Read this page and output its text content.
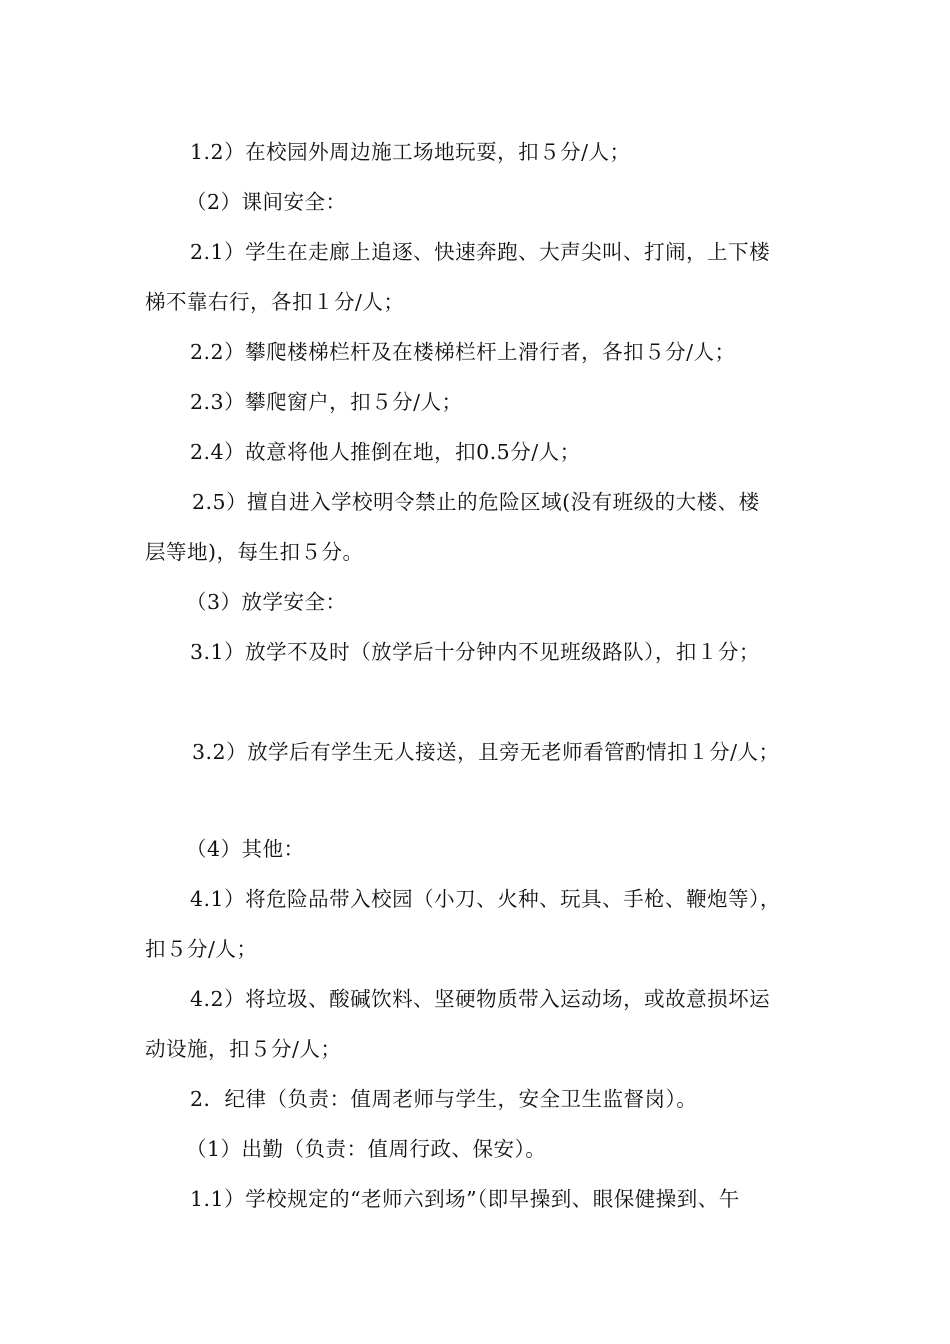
1.2）在校园外周边施工场地玩耍，扣５分/人；
（2）课间安全：
2.1）学生在走廊上追逐、快速奔跑、大声尖叫、打闹，上下楼
梯不靠右行，各扣１分/人；
2.2）攀爬楼梯栏杆及在楼梯栏杆上滑行者，各扣５分/人；
2.3）攀爬窗户，扣５分/人；
2.4）故意将他人推倒在地，扣0.5分/人；
2.5）擅自进入学校明令禁止的危险区域(没有班级的大楼、楼
层等地)，每生扣５分。
（3）放学安全：
3.1）放学不及时（放学后十分钟内不见班级路队），扣１分；
3.2）放学后有学生无人接送，且旁无老师看管酌情扣１分/人；
（4）其他：
4.1）将危险品带入校园（小刀、火种、玩具、手枪、鞭炮等），
扣５分/人；
4.2）将垃圾、酸碱饮料、坚硬物质带入运动场，或故意损坏运
动设施，扣５分/人；
2．纪律（负责：值周老师与学生，安全卫生监督岗）。
（1）出勤（负责：值周行政、保安）。
1.1）学校规定的“老师六到场”（即早操到、眼保健操到、午
